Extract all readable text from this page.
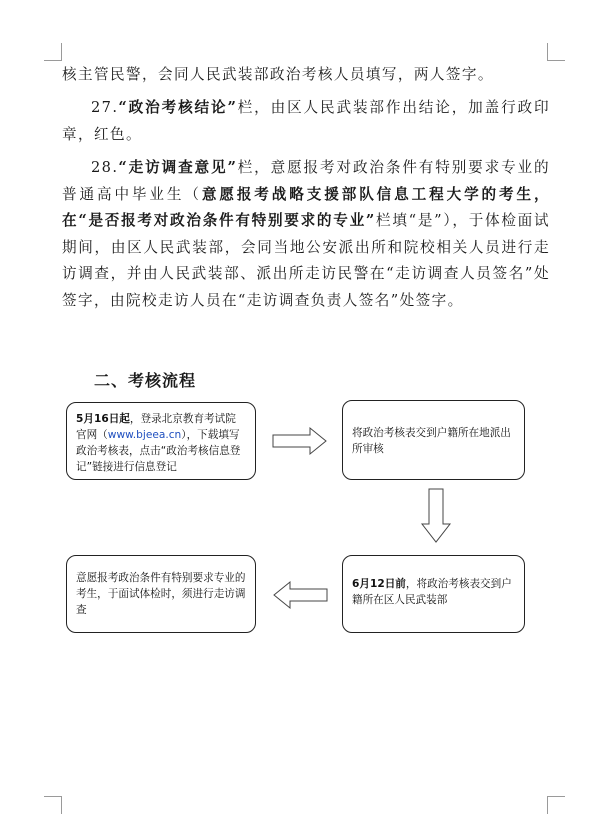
核主管民警，会同人民武装部政治考核人员填写，两人签字。

27.“政治考核结论”栏，由区人民武装部作出结论，加盖行政印章，红色。

28.“走访调查意见”栏，意愿报考对政治条件有特别要求专业的普通高中毕业生（意愿报考战略支援部队信息工程大学的考生，在“是否报考对政治条件有特别要求的专业”栏填“是”），于体检面试期间，由区人民武装部，会同当地公安派出所和院校相关人员进行走访调查，并由人民武装部、派出所走访民警在“走访调查人员签名”处签字，由院校走访人员在“走访调查负责人签名”处签字。

二、考核流程
5月16日起，登录北京教育考试院官网（www.bjeea.cn），下载填写政治考核表，点击“政治考核信息登记”链接进行信息登记
将政治考核表交到户籍所在地派出所审核
6月12日前，将政治考核表交到户籍所在区人民武装部
意愿报考政治条件有特别要求专业的考生，于面试体检时，须进行走访调查
